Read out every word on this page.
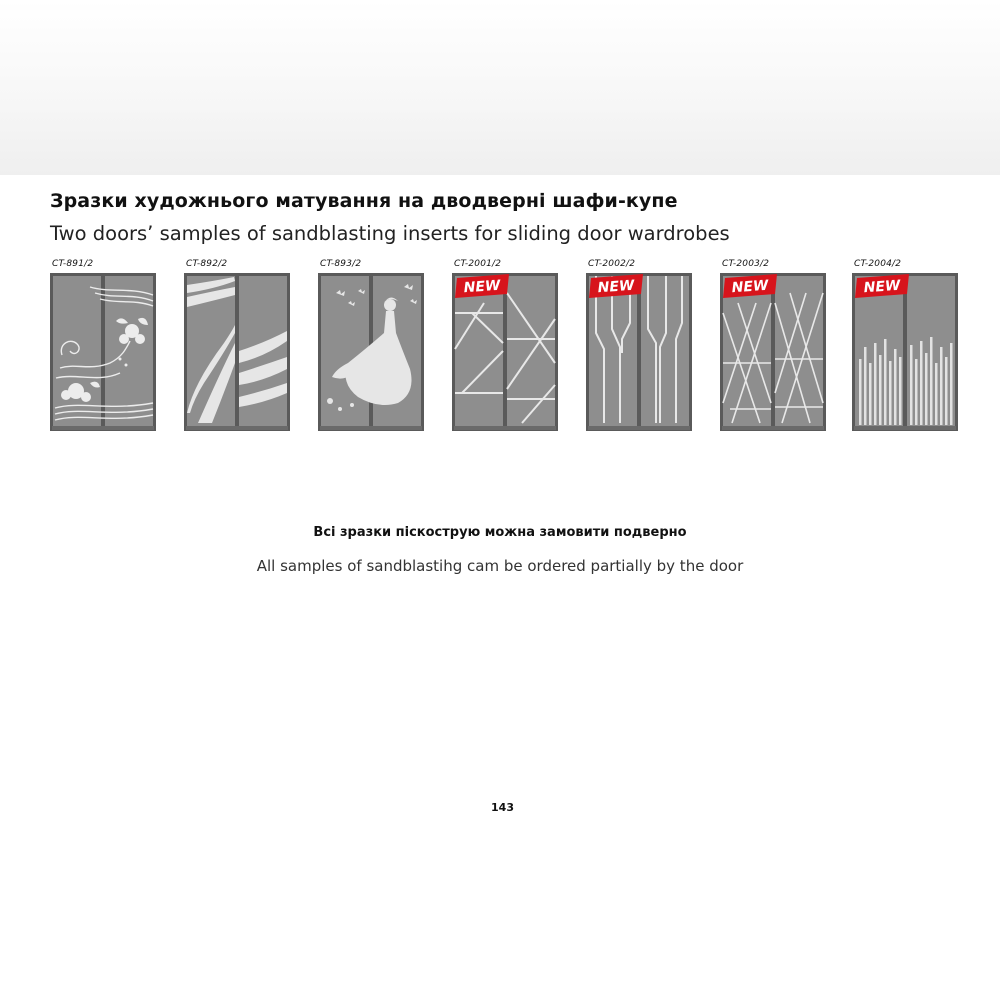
Зразки художнього матування на дводверні шафи-купе
Two doors’ samples of sandblasting inserts for sliding door wardrobes
CT-891/2	CT-892/2	CT-893/2	CT-2001/2
NEW
CT-2002/2
NEW
CT-2003/2
NEW
CT-2004/2
NEW

Всі зразки піскострую можна замовити подверно

All samples of sandblastihg cam be ordered partially by the door

143
